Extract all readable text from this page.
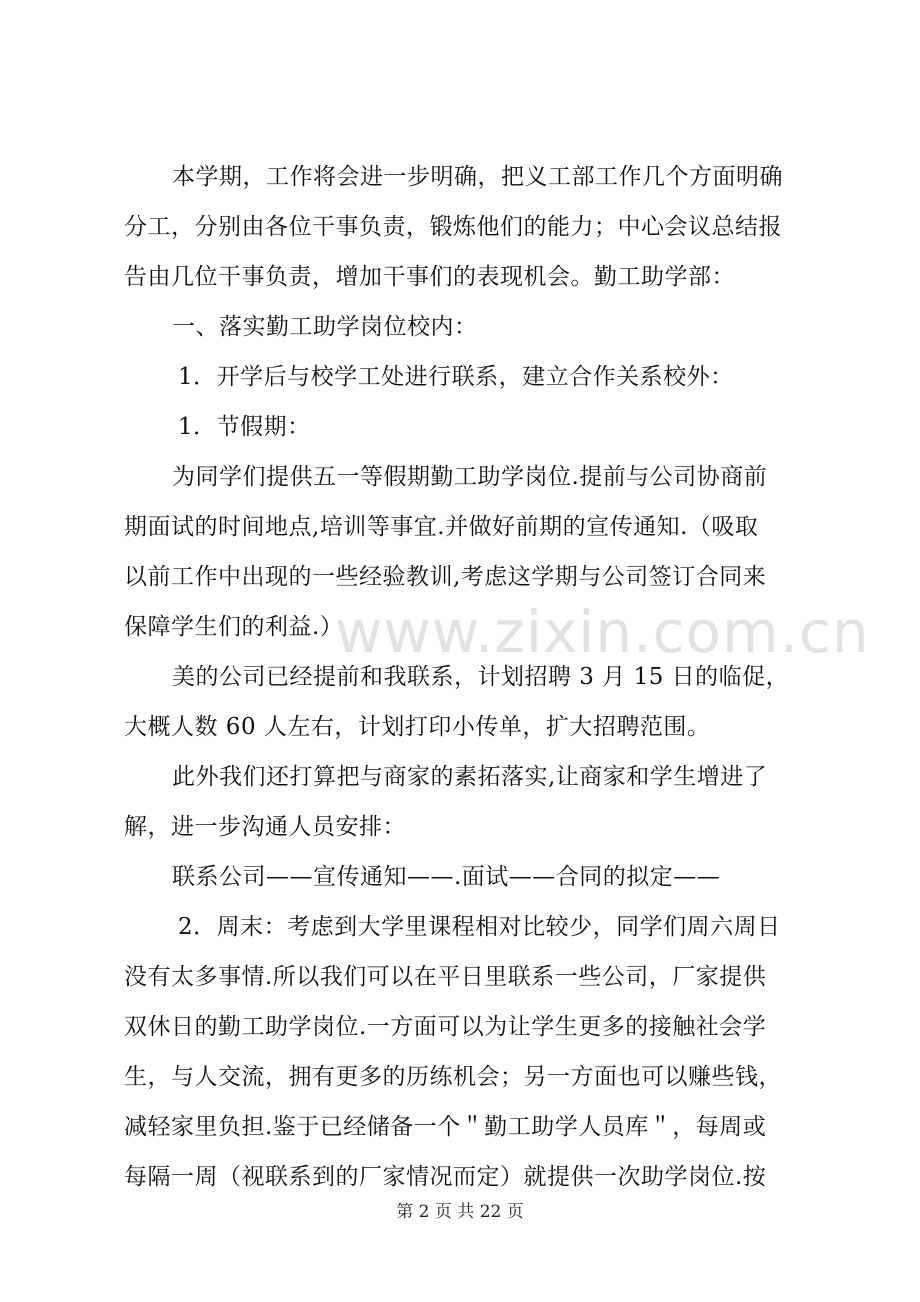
本学期，工作将会进一步明确，把义工部工作几个方面明确
分工，分别由各位干事负责，锻炼他们的能力；中心会议总结报
告由几位干事负责，增加干事们的表现机会。勤工助学部：
一、落实勤工助学岗位校内：
1．开学后与校学工处进行联系，建立合作关系校外：
1．节假期：
为同学们提供五一等假期勤工助学岗位.提前与公司协商前
期面试的时间地点,培训等事宜.并做好前期的宣传通知.（吸取
以前工作中出现的一些经验教训,考虑这学期与公司签订合同来
保障学生们的利益.）
美的公司已经提前和我联系，计划招聘 3 月 15 日的临促，
大概人数 60 人左右，计划打印小传单，扩大招聘范围。
此外我们还打算把与商家的素拓落实,让商家和学生增进了
解，进一步沟通人员安排：
联系公司——宣传通知——.面试——合同的拟定——
2．周末：考虑到大学里课程相对比较少，同学们周六周日
没有太多事情.所以我们可以在平日里联系一些公司，厂家提供
双休日的勤工助学岗位.一方面可以为让学生更多的接触社会学
生，与人交流，拥有更多的历练机会；另一方面也可以赚些钱，
减轻家里负担.鉴于已经储备一个＂勤工助学人员库＂，每周或
每隔一周（视联系到的厂家情况而定）就提供一次助学岗位.按
www.zixin.com.cn
第 2 页 共 22 页
